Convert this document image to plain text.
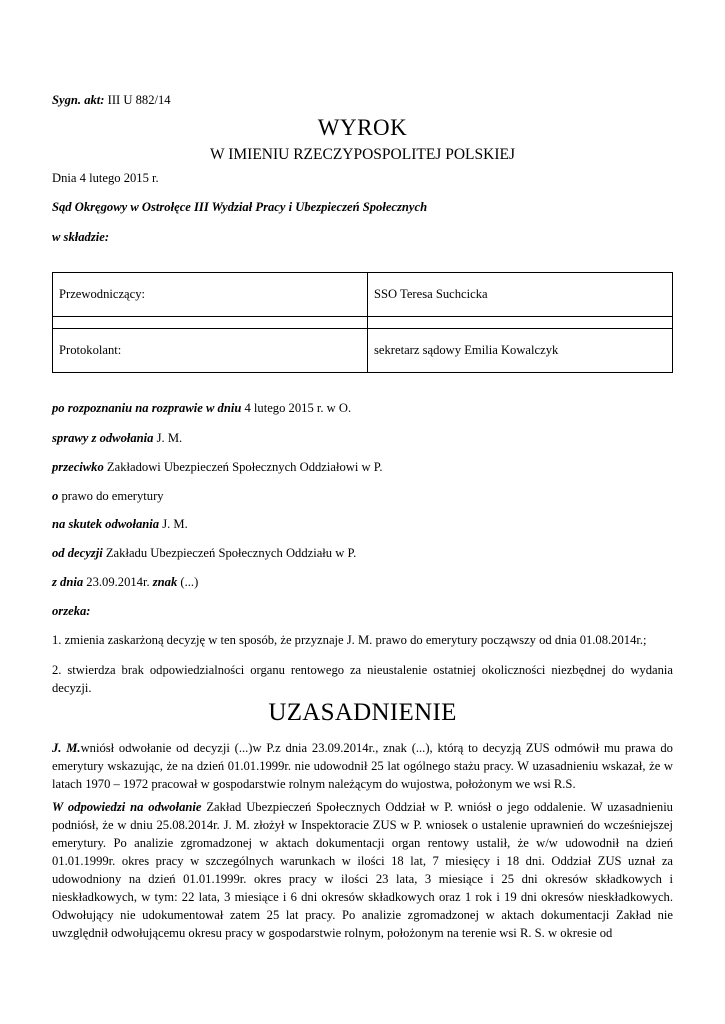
Sygn. akt: III U 882/14
WYROK
W IMIENIU RZECZYPOSPOLITEJ POLSKIEJ
Dnia 4 lutego 2015 r.
Sąd Okręgowy w Ostrołęce III Wydział Pracy i Ubezpieczeń Społecznych
w składzie:
Przewodniczący:	SSO Teresa Suchcicka

Protokolant:	sekretarz sądowy Emilia Kowalczyk
po rozpoznaniu na rozprawie w dniu 4 lutego 2015 r. w O.
sprawy z odwołania J. M.
przeciwko Zakładowi Ubezpieczeń Społecznych Oddziałowi w P.
o prawo do emerytury
na skutek odwołania J. M.
od decyzji Zakładu Ubezpieczeń Społecznych Oddziału w P.
z dnia 23.09.2014r. znak (...)
orzeka:
1. zmienia zaskarżoną decyzję w ten sposób, że przyznaje J. M. prawo do emerytury począwszy od dnia 01.08.2014r.;
2. stwierdza brak odpowiedzialności organu rentowego za nieustalenie ostatniej okoliczności niezbędnej do wydania decyzji.
UZASADNIENIE
J. M.wniósł odwołanie od decyzji (...)w P.z dnia 23.09.2014r., znak (...), którą to decyzją ZUS odmówił mu prawa do emerytury wskazując, że na dzień 01.01.1999r. nie udowodnił 25 lat ogólnego stażu pracy. W uzasadnieniu wskazał, że w latach 1970 – 1972 pracował w gospodarstwie rolnym należącym do wujostwa, położonym we wsi R.S.
W odpowiedzi na odwołanie Zakład Ubezpieczeń Społecznych Oddział w P. wniósł o jego oddalenie. W uzasadnieniu podniósł, że w dniu 25.08.2014r. J. M. złożył w Inspektoracie ZUS w P. wniosek o ustalenie uprawnień do wcześniejszej emerytury. Po analizie zgromadzonej w aktach dokumentacji organ rentowy ustalił, że w/w udowodnił na dzień 01.01.1999r. okres pracy w szczególnych warunkach w ilości 18 lat, 7 miesięcy i 18 dni. Oddział ZUS uznał za udowodniony na dzień 01.01.1999r. okres pracy w ilości 23 lata, 3 miesiące i 25 dni okresów składkowych i nieskładkowych, w tym: 22 lata, 3 miesiące i 6 dni okresów składkowych oraz 1 rok i 19 dni okresów nieskładkowych. Odwołujący nie udokumentował zatem 25 lat pracy. Po analizie zgromadzonej w aktach dokumentacji Zakład nie uwzględnił odwołującemu okresu pracy w gospodarstwie rolnym, położonym na terenie wsi R. S. w okresie od
